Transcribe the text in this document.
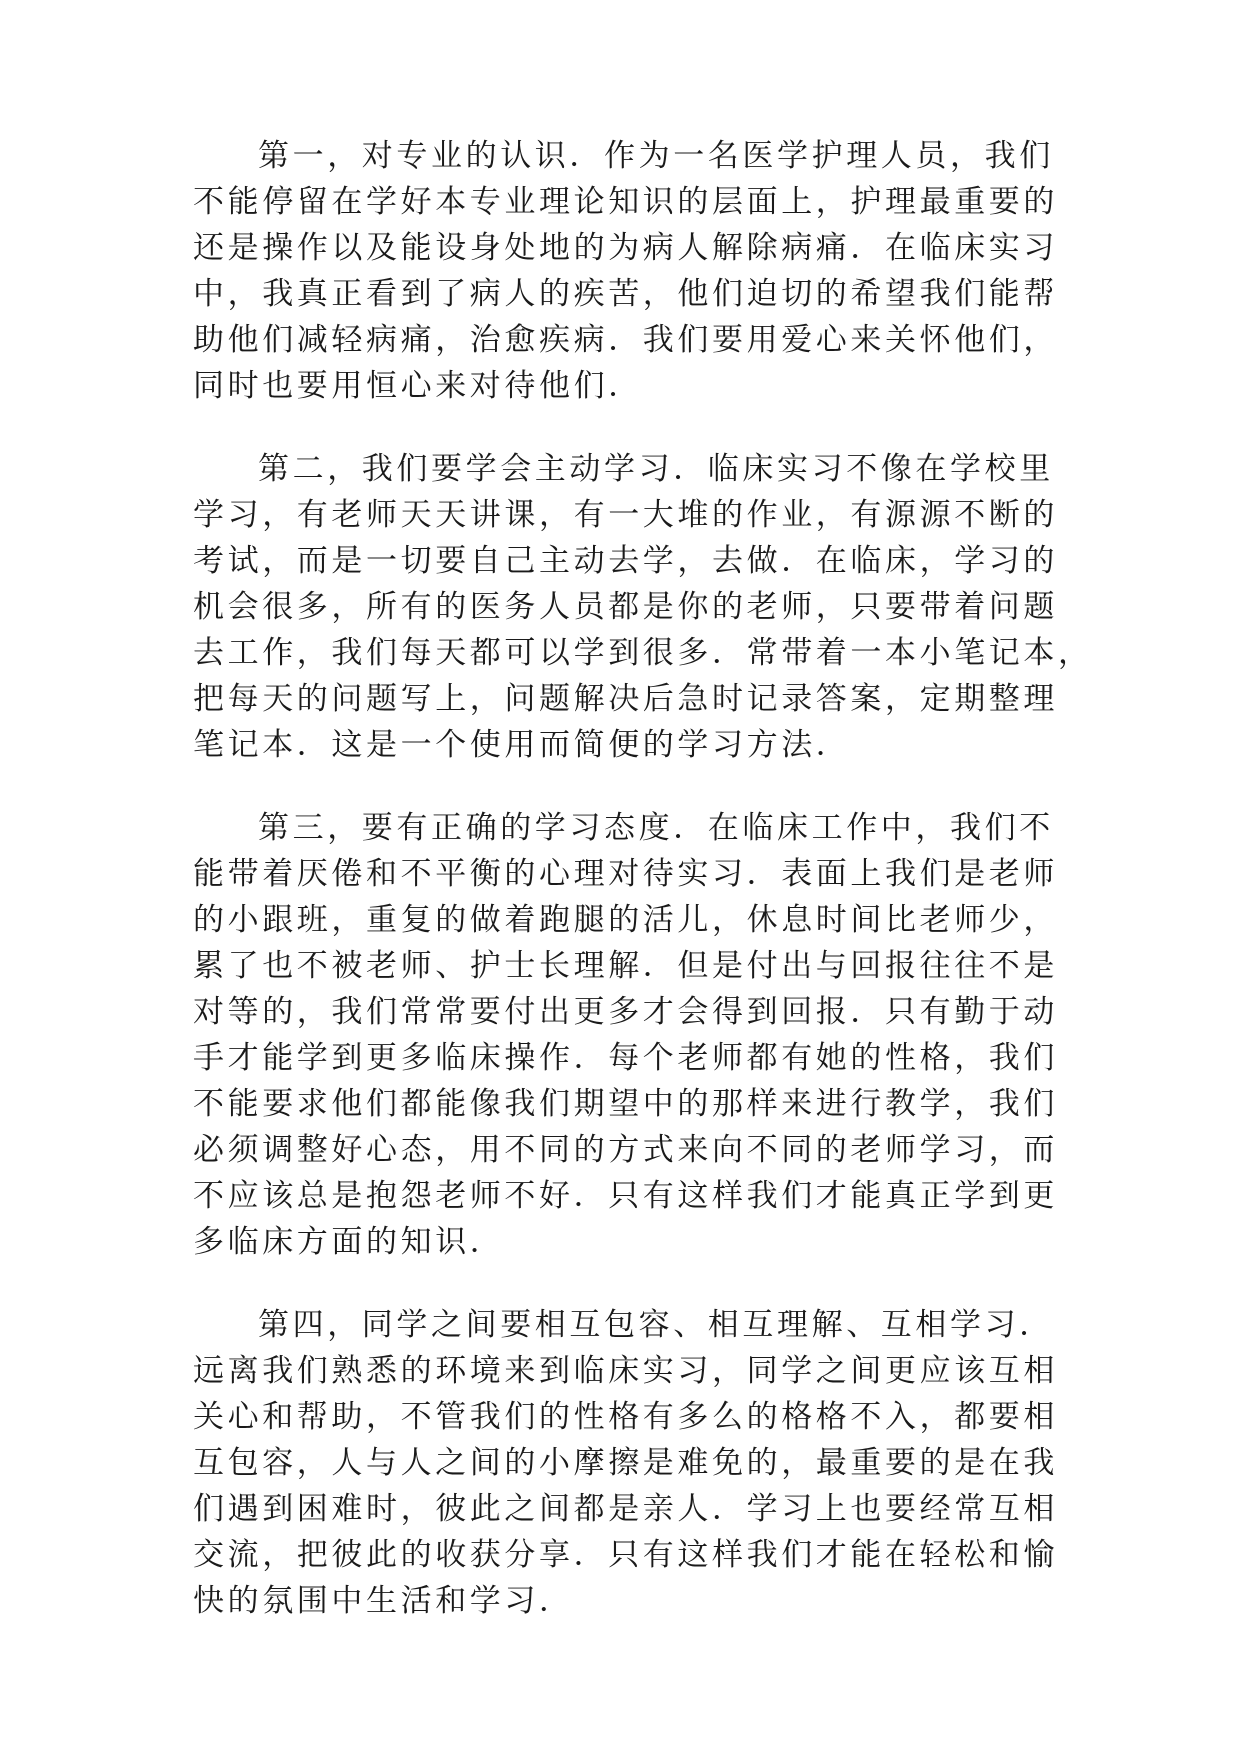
第一，对专业的认识．作为一名医学护理人员，我们
不能停留在学好本专业理论知识的层面上，护理最重要的
还是操作以及能设身处地的为病人解除病痛．在临床实习
中，我真正看到了病人的疾苦，他们迫切的希望我们能帮
助他们减轻病痛，治愈疾病．我们要用爱心来关怀他们，
同时也要用恒心来对待他们．
第二，我们要学会主动学习．临床实习不像在学校里
学习，有老师天天讲课，有一大堆的作业，有源源不断的
考试，而是一切要自己主动去学，去做．在临床，学习的
机会很多，所有的医务人员都是你的老师，只要带着问题
去工作，我们每天都可以学到很多．常带着一本小笔记本，
把每天的问题写上，问题解决后急时记录答案，定期整理
笔记本．这是一个使用而简便的学习方法．
第三，要有正确的学习态度．在临床工作中，我们不
能带着厌倦和不平衡的心理对待实习．表面上我们是老师
的小跟班，重复的做着跑腿的活儿，休息时间比老师少，
累了也不被老师、护士长理解．但是付出与回报往往不是
对等的，我们常常要付出更多才会得到回报．只有勤于动
手才能学到更多临床操作．每个老师都有她的性格，我们
不能要求他们都能像我们期望中的那样来进行教学，我们
必须调整好心态，用不同的方式来向不同的老师学习，而
不应该总是抱怨老师不好．只有这样我们才能真正学到更
多临床方面的知识．
第四，同学之间要相互包容、相互理解、互相学习．
远离我们熟悉的环境来到临床实习，同学之间更应该互相
关心和帮助，不管我们的性格有多么的格格不入，都要相
互包容，人与人之间的小摩擦是难免的，最重要的是在我
们遇到困难时，彼此之间都是亲人．学习上也要经常互相
交流，把彼此的收获分享．只有这样我们才能在轻松和愉
快的氛围中生活和学习．
